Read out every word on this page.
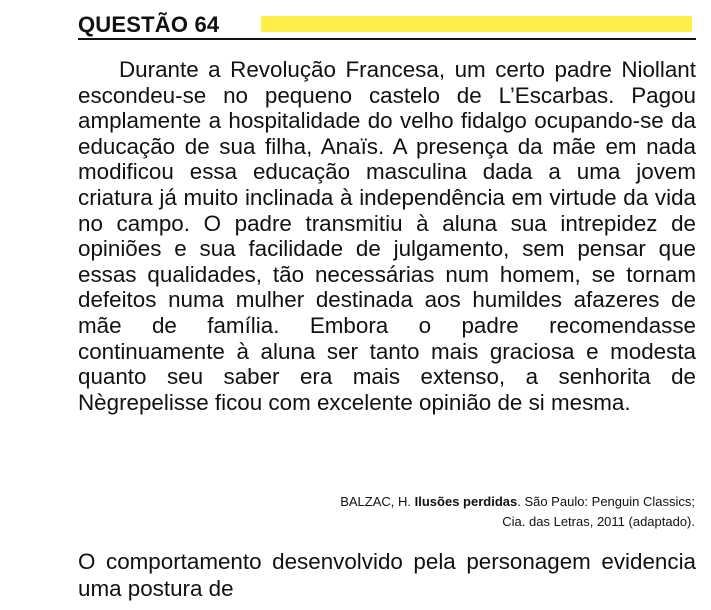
QUESTÃO 64

Durante a Revolução Francesa, um certo padre Niollant escondeu-se no pequeno castelo de L’Escarbas. Pagou amplamente a hospitalidade do velho fidalgo ocupando-se da educação de sua filha, Anaïs. A presença da mãe em nada modificou essa educação masculina dada a uma jovem criatura já muito inclinada à independência em virtude da vida no campo. O padre transmitiu à aluna sua intrepidez de opiniões e sua facilidade de julgamento, sem pensar que essas qualidades, tão necessárias num homem, se tornam defeitos numa mulher destinada aos humildes afazeres de mãe de família. Embora o padre recomendasse continuamente à aluna ser tanto mais graciosa e modesta quanto seu saber era mais extenso, a senhorita de Nègrepelisse ficou com excelente opinião de si mesma.

BALZAC, H. Ilusões perdidas. São Paulo: Penguin Classics;
Cia. das Letras, 2011 (adaptado).

O comportamento desenvolvido pela personagem evidencia uma postura de
